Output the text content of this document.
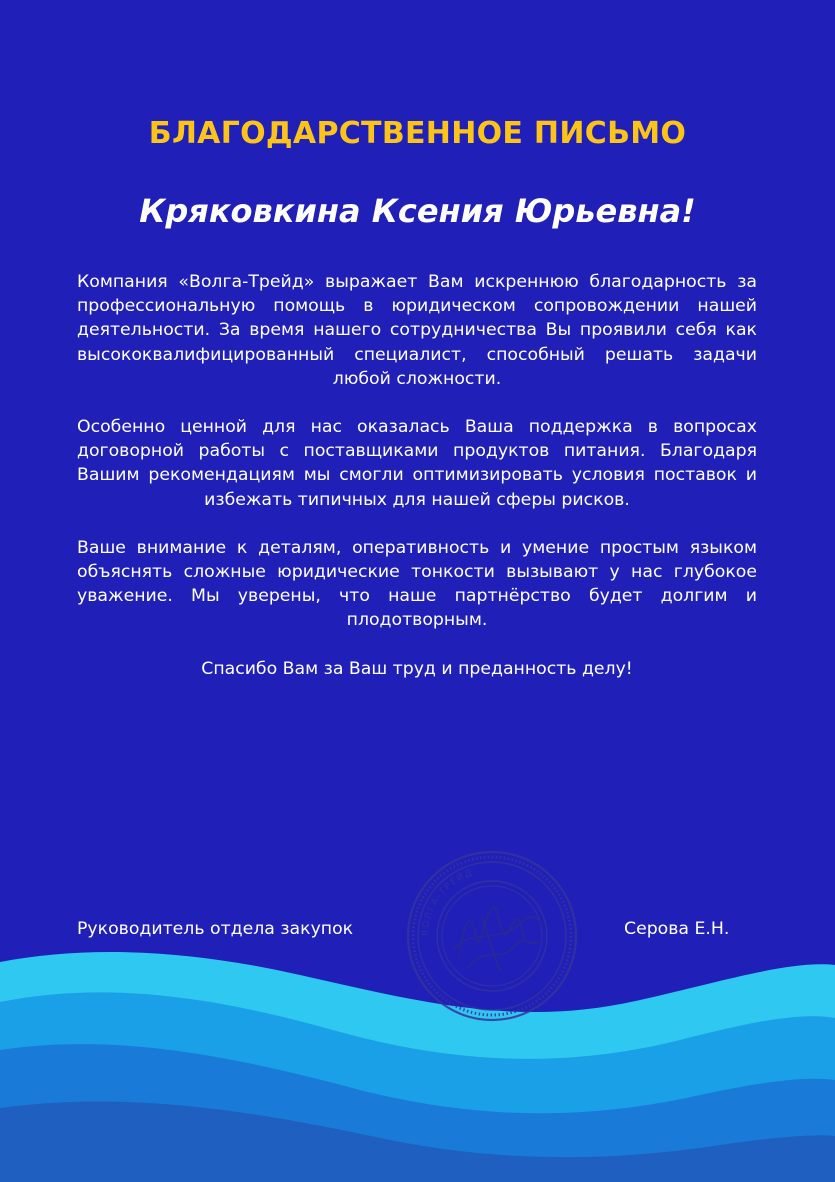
БЛАГОДАРСТВЕННОЕ ПИСЬМО
Кряковкина Ксения Юрьевна!

Компания «Волга-Трейд» выражает Вам искреннюю благодарность за профессиональную помощь в юридическом сопровождении нашей деятельности. За время нашего сотрудничества Вы проявили себя как высококвалифицированный специалист, способный решать задачи любой сложности.

Особенно ценной для нас оказалась Ваша поддержка в вопросах договорной работы с поставщиками продуктов питания. Благодаря Вашим рекомендациям мы смогли оптимизировать условия поставок и избежать типичных для нашей сферы рисков.

Ваше внимание к деталям, оперативность и умение простым языком объяснять сложные юридические тонкости вызывают у нас глубокое уважение. Мы уверены, что наше партнёрство будет долгим и плодотворным.

Спасибо Вам за Ваш труд и преданность делу!

ВОЛГА-ТРЕЙД

Руководитель отдела закупок	Серова Е.Н.
